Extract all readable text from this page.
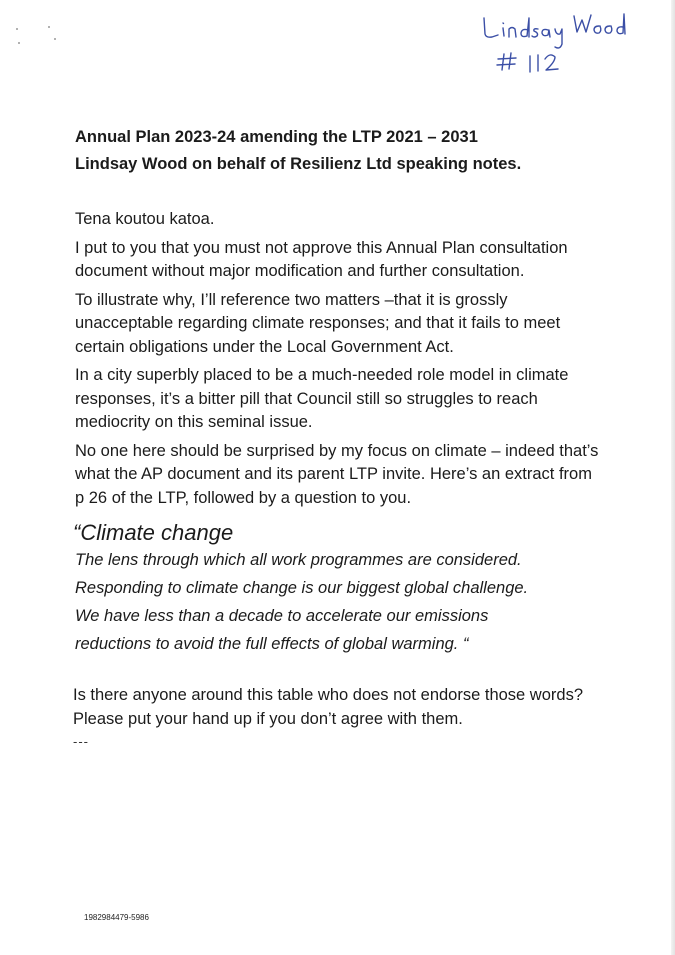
Annual Plan 2023-24 amending the LTP 2021 – 2031
Lindsay Wood on behalf of Resilienz Ltd speaking notes.

Tena koutou katoa.

I put to you that you must not approve this Annual Plan consultation document without major modification and further consultation.

To illustrate why, I’ll reference two matters –that it is grossly unacceptable regarding climate responses; and that it fails to meet certain obligations under the Local Government Act.

In a city superbly placed to be a much-needed role model in climate responses, it’s a bitter pill that Council still so struggles to reach mediocrity on this seminal issue.

No one here should be surprised by my focus on climate – indeed that’s what the AP document and its parent LTP invite. Here’s an extract from p 26 of the LTP, followed by a question to you.

“Climate change
The lens through which all work programmes are considered.
Responding to climate change is our biggest global challenge.
We have less than a decade to accelerate our emissions
reductions to avoid the full effects of global warming. “

Is there anyone around this table who does not endorse those words? Please put your hand up if you don’t agree with them.

---
1982984479-5986
